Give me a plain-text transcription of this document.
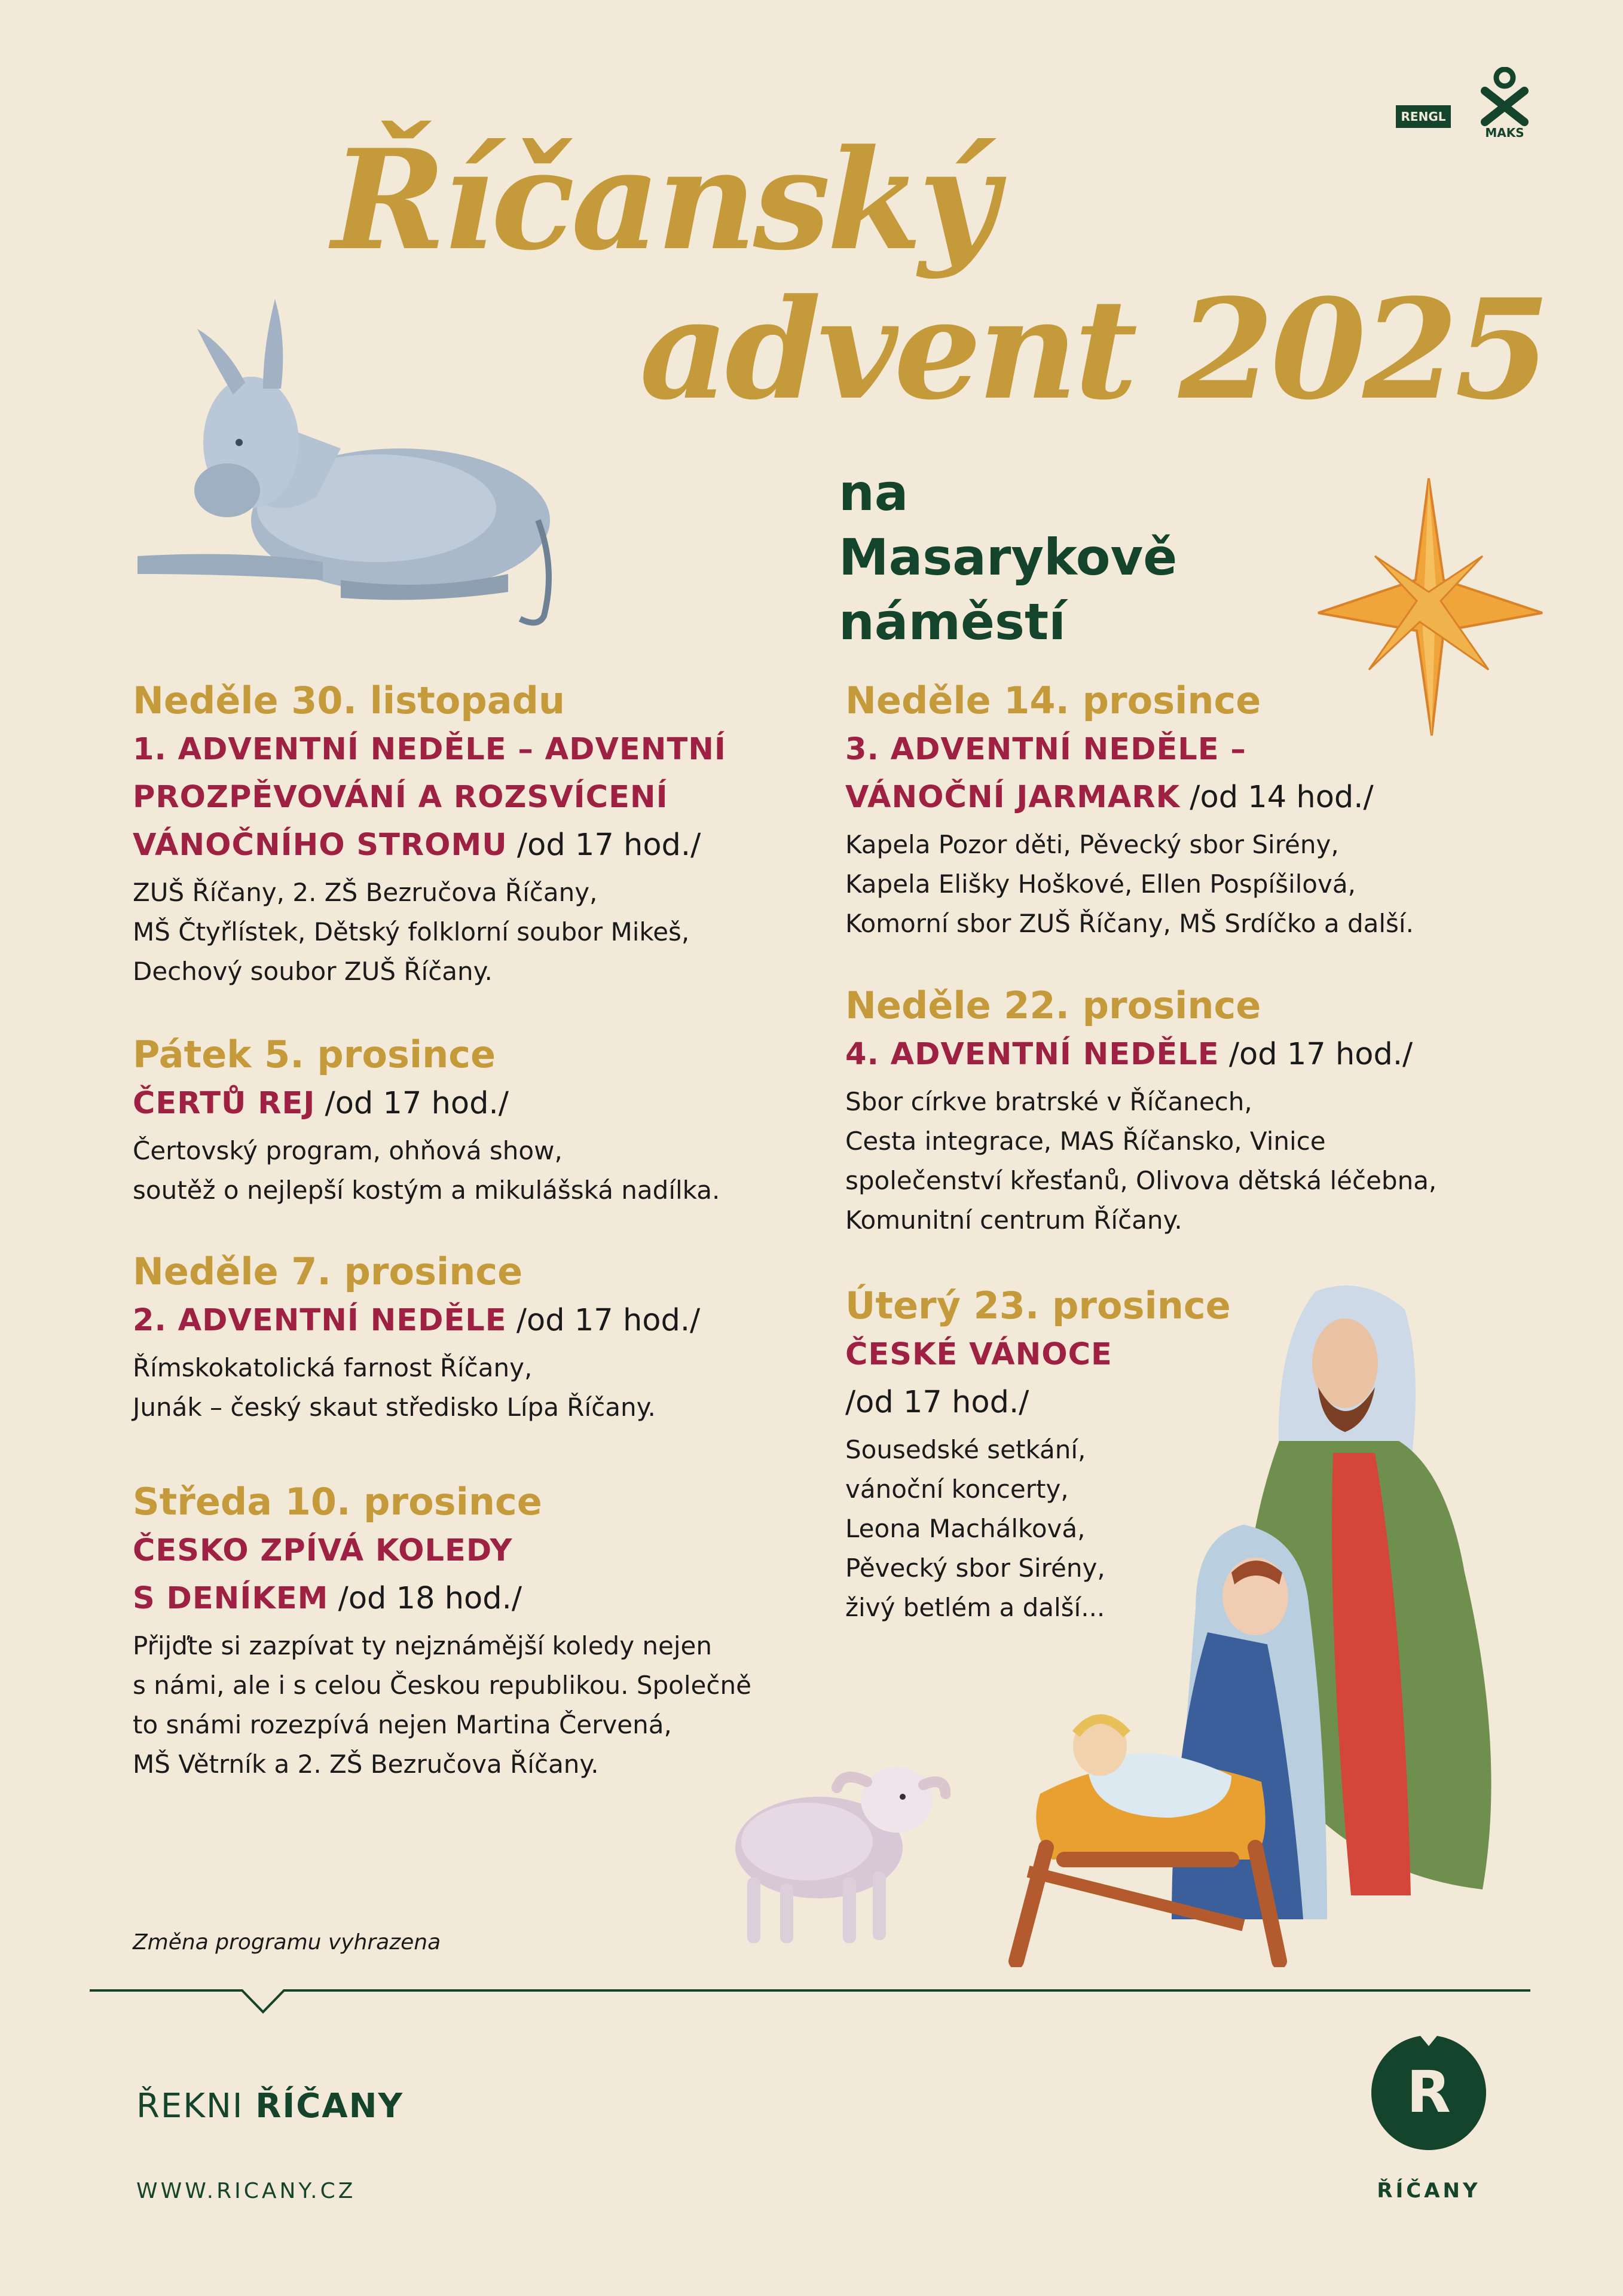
Říčanský
advent 2025
na Masarykově náměstí
RENGL
MAKS
Neděle 30. listopadu
1. ADVENTNÍ NEDĚLE – ADVENTNÍ
PROZPĚVOVÁNÍ A ROZSVÍCENÍ
VÁNOČNÍHO STROMU /od 17 hod./
ZUŠ Říčany, 2. ZŠ Bezručova Říčany,
MŠ Čtyřlístek, Dětský folklorní soubor Mikeš,
Dechový soubor ZUŠ Říčany.
Pátek 5. prosince
ČERTŮ REJ /od 17 hod./
Čertovský program, ohňová show,
soutěž o nejlepší kostým a mikulášská nadílka.
Neděle 7. prosince
2. ADVENTNÍ NEDĚLE /od 17 hod./
Římskokatolická farnost Říčany,
Junák – český skaut středisko Lípa Říčany.
Středa 10. prosince
ČESKO ZPÍVÁ KOLEDY
S DENÍKEM /od 18 hod./
Přijďte si zazpívat ty nejznámější koledy nejen
s námi, ale i s celou Českou republikou. Společně
to snámi rozezpívá nejen Martina Červená,
MŠ Větrník a 2. ZŠ Bezručova Říčany.
Neděle 14. prosince
3. ADVENTNÍ NEDĚLE –
VÁNOČNÍ JARMARK /od 14 hod./
Kapela Pozor děti, Pěvecký sbor Sirény,
Kapela Elišky Hoškové, Ellen Pospíšilová,
Komorní sbor ZUŠ Říčany, MŠ Srdíčko a další.
Neděle 22. prosince
4. ADVENTNÍ NEDĚLE /od 17 hod./
Sbor církve bratrské v Říčanech,
Cesta integrace, MAS Říčansko, Vinice
společenství křesťanů, Olivova dětská léčebna,
Komunitní centrum Říčany.
Úterý 23. prosince
ČESKÉ VÁNOCE
/od 17 hod./
Sousedské setkání,
vánoční koncerty,
Leona Machálková,
Pěvecký sbor Sirény,
živý betlém a další...
Změna programu vyhrazena
ŘEKNI ŘÍČANY
WWW.RICANY.CZ
R
ŘÍČANY
